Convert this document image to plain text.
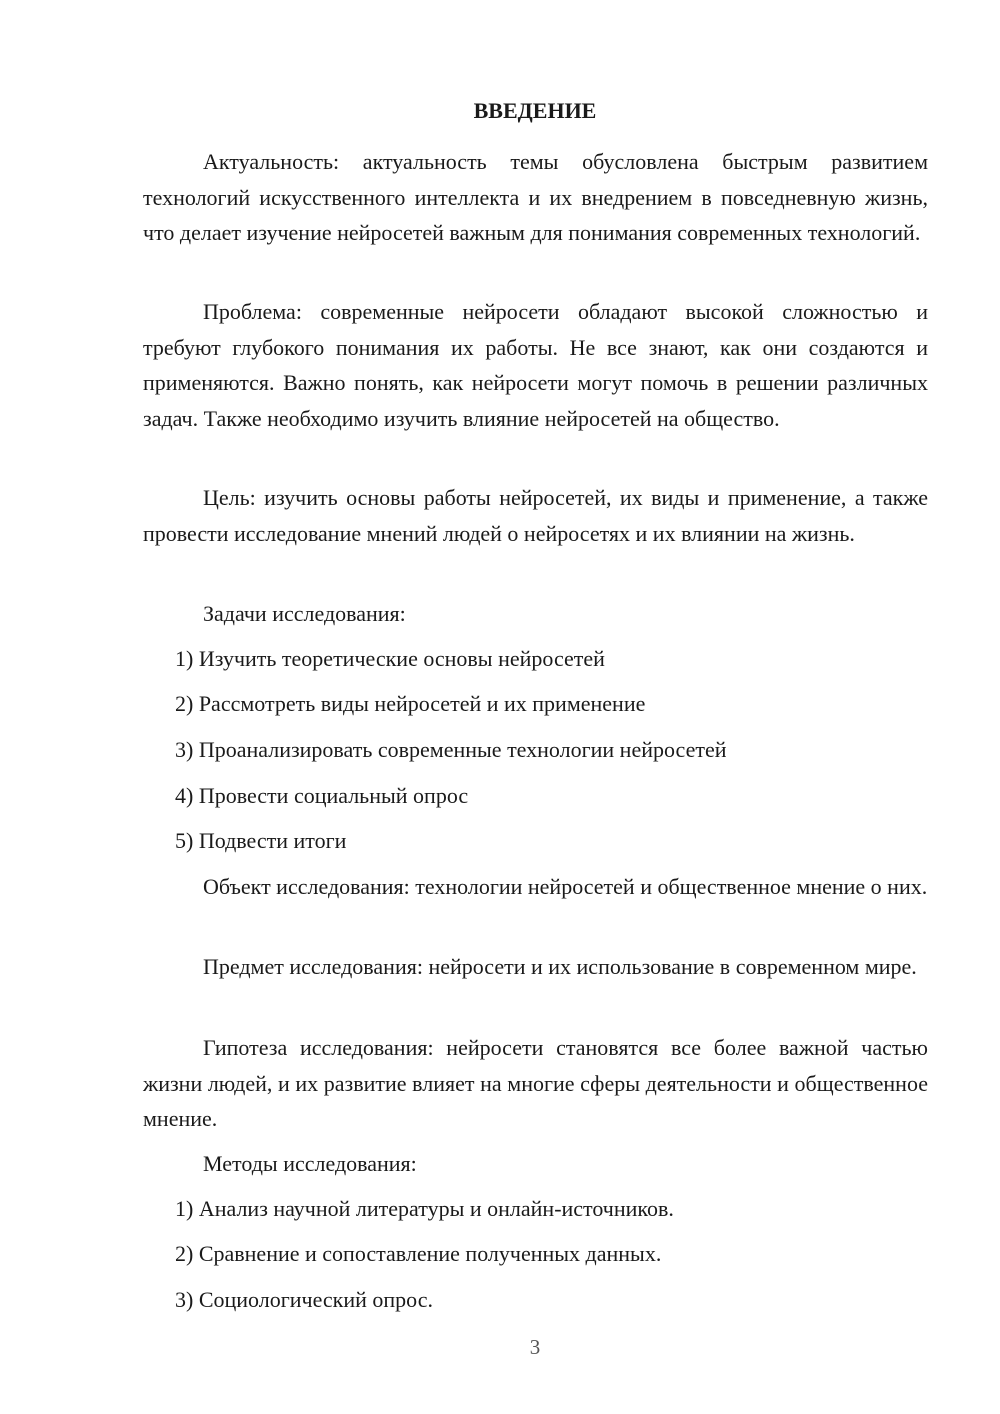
ВВЕДЕНИЕ

Актуальность: актуальность темы обусловлена быстрым развитием технологий искусственного интеллекта и их внедрением в повседневную жизнь, что делает изучение нейросетей важным для понимания современных технологий.

Проблема: современные нейросети обладают высокой сложностью и требуют глубокого понимания их работы. Не все знают, как они создаются и применяются. Важно понять, как нейросети могут помочь в решении различных задач. Также необходимо изучить влияние нейросетей на общество.

Цель: изучить основы работы нейросетей, их виды и применение, а также провести исследование мнений людей о нейросетях и их влиянии на жизнь.

Задачи исследования:
1) Изучить теоретические основы нейросетей
2) Рассмотреть виды нейросетей и их применение
3) Проанализировать современные технологии нейросетей
4) Провести социальный опрос
5) Подвести итоги

Объект исследования: технологии нейросетей и общественное мнение о них.

Предмет исследования: нейросети и их использование в современном мире.

Гипотеза исследования: нейросети становятся все более важной частью жизни людей, и их развитие влияет на многие сферы деятельности и общественное мнение.

Методы исследования:
1) Анализ научной литературы и онлайн-источников.
2) Сравнение и сопоставление полученных данных.
3) Социологический опрос.
3
